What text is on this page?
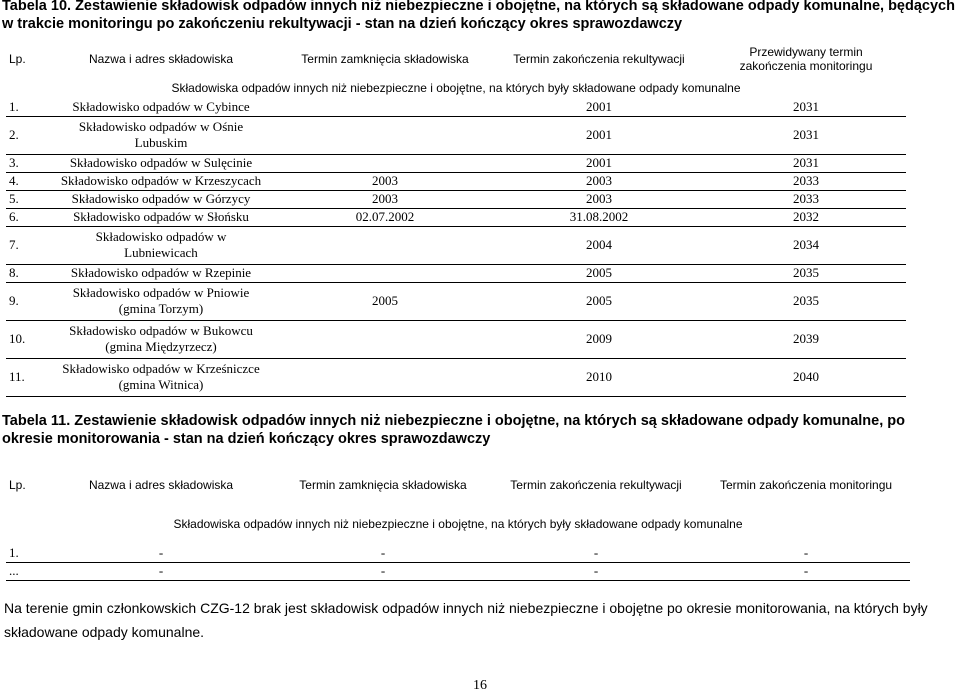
Tabela 10. Zestawienie składowisk odpadów innych niż niebezpieczne i obojętne, na których są składowane odpady komunalne, będących w trakcie monitoringu po zakończeniu rekultywacji - stan na dzień kończący okres sprawozdawczy
Lp.	Nazwa i adres składowiska	Termin zamknięcia składowiska	Termin zakończenia rekultywacji	Przewidywany termin
zakończenia monitoringu

Składowiska odpadów innych niż niebezpieczne i obojętne, na których były składowane odpady komunalne				
1.	Składowisko odpadów w Cybince		2001	2031
2.	Składowisko odpadów w Ośnie
Lubuskim		2001	2031
3.	Składowisko odpadów w Sulęcinie		2001	2031
4.	Składowisko odpadów w Krzeszycach	2003	2003	2033
5.	Składowisko odpadów w Górzycy	2003	2003	2033
6.	Składowisko odpadów w Słońsku	02.07.2002	31.08.2002	2032
7.	Składowisko odpadów w
Lubniewicach		2004	2034
8.	Składowisko odpadów w Rzepinie		2005	2035
9.	Składowisko odpadów w Pniowie
(gmina Torzym)	2005	2005	2035
10.	Składowisko odpadów w Bukowcu
(gmina Międzyrzecz)		2009	2039
11.	Składowisko odpadów w Krześniczce
(gmina Witnica)		2010	2040
Tabela 11. Zestawienie składowisk odpadów innych niż niebezpieczne i obojętne, na których są składowane odpady komunalne, po okresie monitorowania - stan na dzień kończący okres sprawozdawczy
Lp.	Nazwa i adres składowiska	Termin zamknięcia składowiska	Termin zakończenia rekultywacji	Termin zakończenia monitoringu
Składowiska odpadów innych niż niebezpieczne i obojętne, na których były składowane odpady komunalne				
1.	-	-	-	-
...	-	-	-	-
Na terenie gmin członkowskich CZG-12 brak jest składowisk odpadów innych niż niebezpieczne i obojętne po okresie monitorowania, na których były składowane odpady komunalne.
16
